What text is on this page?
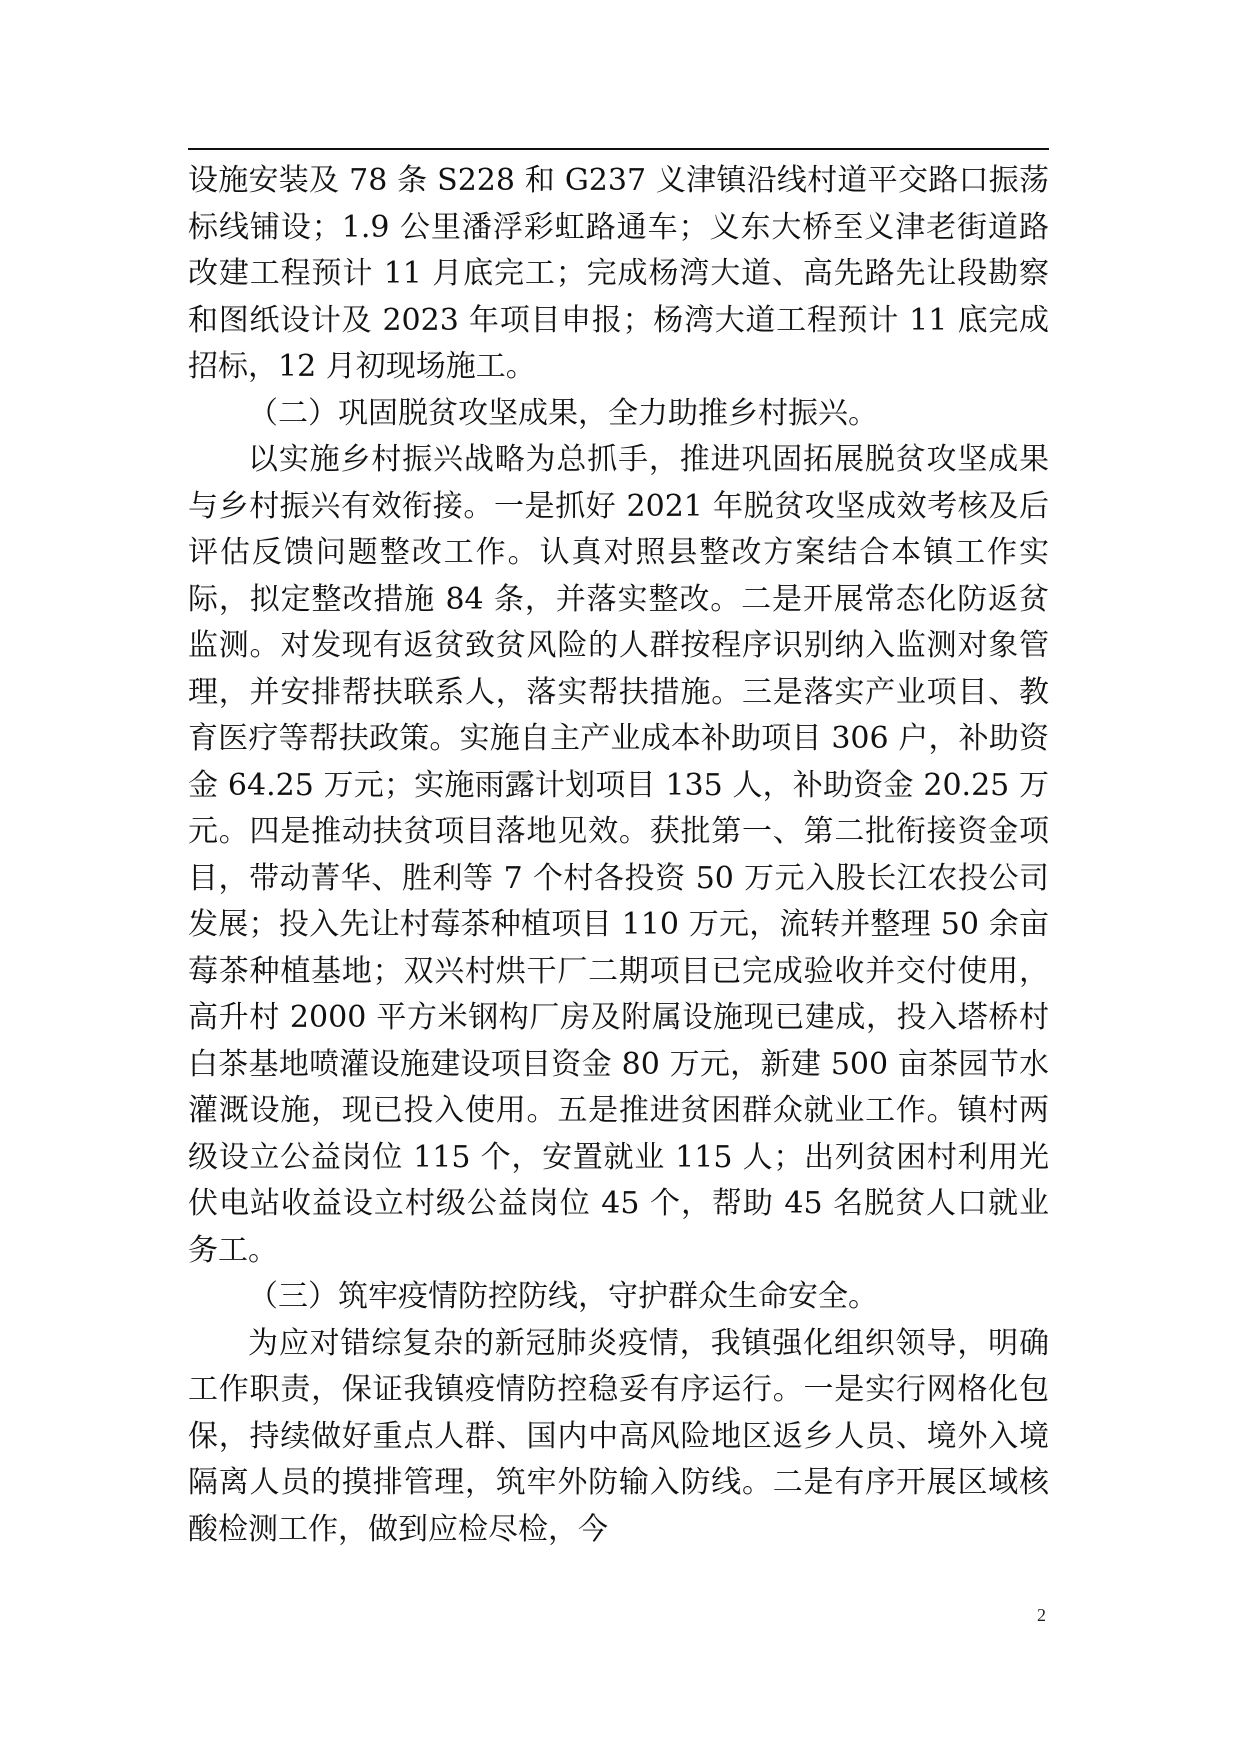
设施安装及 78 条 S228 和 G237 义津镇沿线村道平交路口振荡标线铺设；1.9 公里潘浮彩虹路通车；义东大桥至义津老街道路改建工程预计 11 月底完工；完成杨湾大道、高先路先让段勘察和图纸设计及 2023 年项目申报；杨湾大道工程预计 11 底完成招标，12 月初现场施工。

（二）巩固脱贫攻坚成果，全力助推乡村振兴。

以实施乡村振兴战略为总抓手，推进巩固拓展脱贫攻坚成果与乡村振兴有效衔接。一是抓好 2021 年脱贫攻坚成效考核及后评估反馈问题整改工作。认真对照县整改方案结合本镇工作实际，拟定整改措施 84 条，并落实整改。二是开展常态化防返贫监测。对发现有返贫致贫风险的人群按程序识别纳入监测对象管理，并安排帮扶联系人，落实帮扶措施。三是落实产业项目、教育医疗等帮扶政策。实施自主产业成本补助项目 306 户，补助资金 64.25 万元；实施雨露计划项目 135 人，补助资金 20.25 万元。四是推动扶贫项目落地见效。获批第一、第二批衔接资金项目，带动菁华、胜利等 7 个村各投资 50 万元入股长江农投公司发展；投入先让村莓茶种植项目 110 万元，流转并整理 50 余亩莓茶种植基地；双兴村烘干厂二期项目已完成验收并交付使用，高升村 2000 平方米钢构厂房及附属设施现已建成，投入塔桥村白茶基地喷灌设施建设项目资金 80 万元，新建 500 亩茶园节水灌溉设施，现已投入使用。五是推进贫困群众就业工作。镇村两级设立公益岗位 115 个，安置就业 115 人；出列贫困村利用光伏电站收益设立村级公益岗位 45 个，帮助 45 名脱贫人口就业务工。

（三）筑牢疫情防控防线，守护群众生命安全。

为应对错综复杂的新冠肺炎疫情，我镇强化组织领导，明确工作职责，保证我镇疫情防控稳妥有序运行。一是实行网格化包保，持续做好重点人群、国内中高风险地区返乡人员、境外入境隔离人员的摸排管理，筑牢外防输入防线。二是有序开展区域核酸检测工作，做到应检尽检，今

2
